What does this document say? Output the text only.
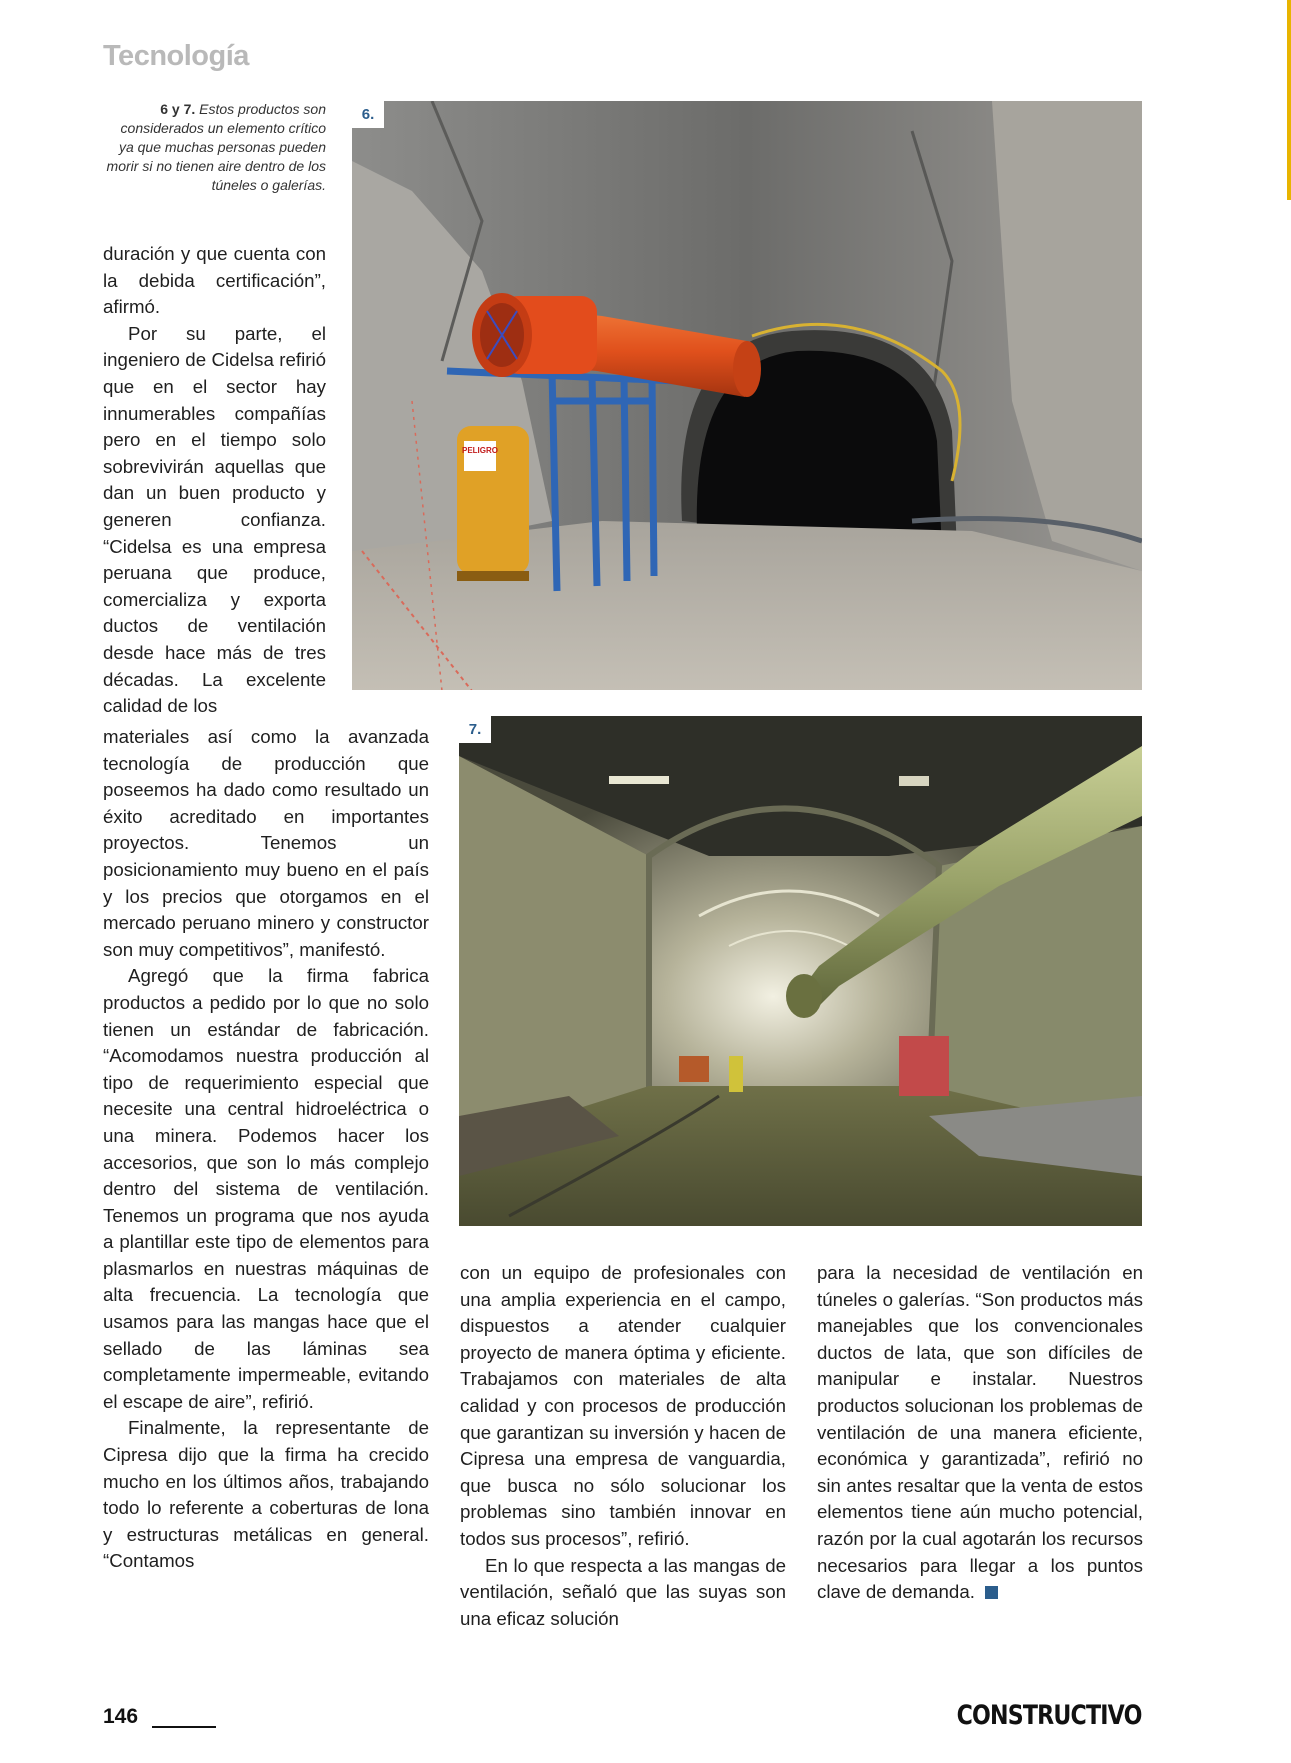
Tecnología
6 y 7. Estos productos son considerados un elemento crítico ya que muchas personas pueden morir si no tienen aire dentro de los túneles o galerías.
PELIGRO
6.
7.

duración y que cuenta con la debida certificación”, afirmó.

Por su parte, el ingeniero de Cidelsa refirió que en el sector hay innumerables compañías pero en el tiempo solo sobrevivirán aquellas que dan un buen producto y generen confianza. “Cidelsa es una empresa peruana que produce, comercializa y exporta ductos de ventilación desde hace más de tres décadas. La excelente calidad de los

materiales así como la avanzada tecnología de producción que poseemos ha dado como resultado un éxito acreditado en importantes proyectos. Tenemos un posicionamiento muy bueno en el país y los precios que otorgamos en el mercado peruano minero y constructor son muy competitivos”, manifestó.

Agregó que la firma fabrica productos a pedido por lo que no solo tienen un estándar de fabricación. “Acomodamos nuestra producción al tipo de requerimiento especial que necesite una central hidroeléctrica o una minera. Podemos hacer los accesorios, que son lo más complejo dentro del sistema de ventilación. Tenemos un programa que nos ayuda a plantillar este tipo de elementos para plasmarlos en nuestras máquinas de alta frecuencia. La tecnología que usamos para las mangas hace que el sellado de las láminas sea completamente impermeable, evitando el escape de aire”, refirió.

Finalmente, la representante de Cipresa dijo que la firma ha crecido mucho en los últimos años, trabajando todo lo referente a coberturas de lona y estructuras metálicas en general. “Contamos

con un equipo de profesionales con una amplia experiencia en el campo, dispuestos a atender cualquier proyecto de manera óptima y eficiente. Trabajamos con materiales de alta calidad y con procesos de producción que garantizan su inversión y hacen de Cipresa una empresa de vanguardia, que busca no sólo solucionar los problemas sino también innovar en todos sus procesos”, refirió.

En lo que respecta a las mangas de ventilación, señaló que las suyas son una eficaz solución

para la necesidad de ventilación en túneles o galerías. “Son productos más manejables que los convencionales ductos de lata, que son difíciles de manipular e instalar. Nuestros productos solucionan los problemas de ventilación de una manera eficiente, económica y garantizada”, refirió no sin antes resaltar que la venta de estos elementos tiene aún mucho potencial, razón por la cual agotarán los recursos necesarios para llegar a los puntos clave de demanda.

146	CONSTRUCTIVO
